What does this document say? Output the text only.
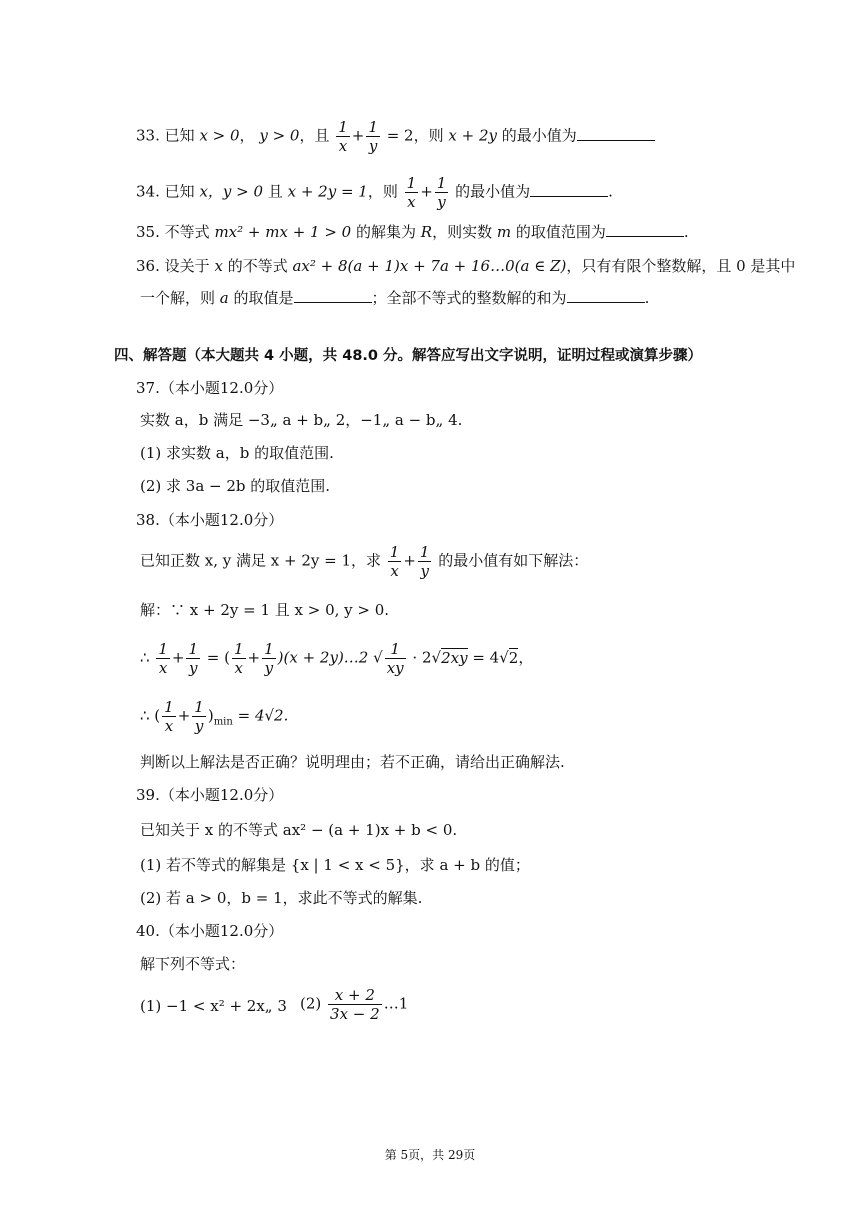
33. 已知 x > 0， y > 0，且 $\frac{1}{x} + \frac{1}{y} = 2$，则 x + 2y 的最小值为
34. 已知 x，y > 0 且 x + 2y = 1，则 $\frac{1}{x} + \frac{1}{y}$ 的最小值为	.
35. 不等式 mx² + mx + 1 > 0 的解集为 R，则实数 m 的取值范围为	.
36. 设关于 x 的不等式 ax² + 8(a + 1)x + 7a + 16…0(a ∈ Z)，只有有限个整数解，且 0 是其中
一个解，则 a 的取值是	；全部不等式的整数解的和为	.
四、解答题（本大题共 4 小题，共 48.0 分。解答应写出文字说明，证明过程或演算步骤）
37.（本小题12.0分）
实数 a，b 满足 −3„ a + b„ 2，−1„ a − b„ 4.
(1) 求实数 a，b 的取值范围.
(2) 求 3a − 2b 的取值范围.
38.（本小题12.0分）
已知正数 x, y 满足 x + 2y = 1，求 $\frac{1}{x} + \frac{1}{y}$ 的最小值有如下解法：
解：∵ x + 2y = 1 且 x > 0, y > 0.
∴ $\frac{1}{x} + \frac{1}{y}$ = ( $\frac{1}{x} + \frac{1}{y} )(x$ + 2y)…2 √ $\frac{1}{xy} \cdot 2√2xy = 4√2$，
∴ ( $\frac{1}{x} + \frac{1}{y} )_{min} = 4√2$.
判断以上解法是否正确？说明理由；若不正确，请给出正确解法.
39.（本小题12.0分）
已知关于 x 的不等式 ax² − (a + 1)x + b < 0.
(1) 若不等式的解集是 {x | 1 < x < 5}，求 a + b 的值；
(2) 若 a > 0，b = 1，求此不等式的解集.
40.（本小题12.0分）
解下列不等式：
(1) −1 < x² + 2x„ 3 $(2) \frac{x + 2}{3x - 2}$ …1
第 5页，共 29页
